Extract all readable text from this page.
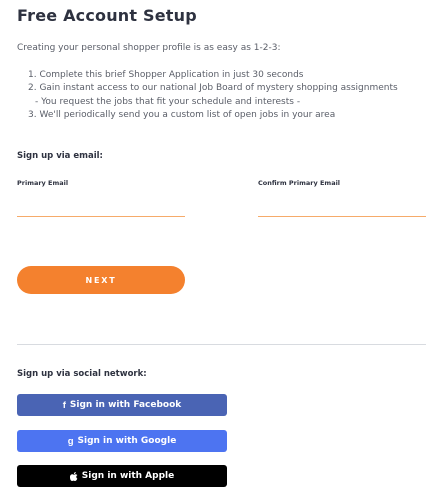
Free Account Setup
Creating your personal shopper profile is as easy as 1-2-3:
1. Complete this brief Shopper Application in just 30 seconds
2. Gain instant access to our national Job Board of mystery shopping assignments
- You request the jobs that fit your schedule and interests -
3. We'll periodically send you a custom list of open jobs in your area
Sign up via email:
Primary Email	Confirm Primary Email
NEXT
Sign up via social network:
f Sign in with Facebook
g Sign in with Google
Sign in with Apple
